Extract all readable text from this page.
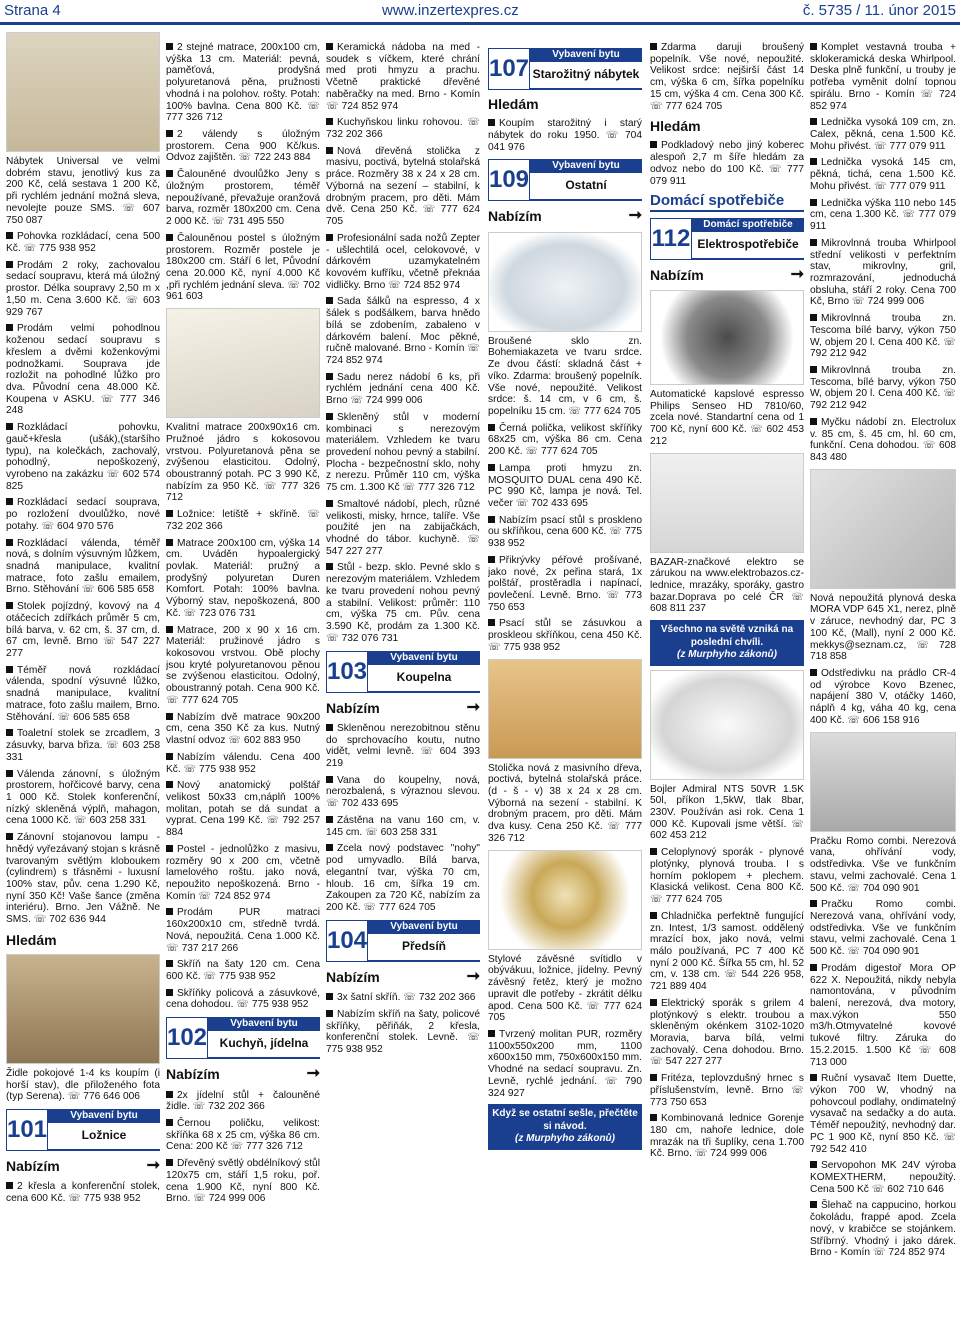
Strana 4	www.inzertexpres.cz	č. 5735 / 11. únor 2015
Nábytek Universal ve velmi dobrém stavu, jenotlivý kus za 200 Kč, celá sestava 1 200 Kč, při rychlém jednání možná sleva, nevolejte pouze SMS. ☏ 607 750 087
Pohovka rozkládací, cena 500 Kč. ☏ 775 938 952
Prodám 2 roky, zachovalou sedací soupravu, která má úložný prostor. Délka soupravy 2,50 m x 1,50 m. Cena 3.600 Kč. ☏ 603 929 767
Prodám velmi pohodlnou koženou sedací soupravu s křeslem a dvěmi koženkovými podnožkami. Souprava jde rozložit na pohodlné lůžko pro dva. Původní cena 48.000 Kč. Koupena v ASKU. ☏ 777 346 248
Rozkládací pohovku, gauč+křesla (ušák),(staršího typu), na kolečkách, zachovalý, pohodlný, nepoškozený, vyrobeno na zakázku ☏ 602 574 825
Rozkládací sedací souprava, po rozložení dvoulůžko, nové potahy. ☏ 604 970 576
Rozkládací válenda, téměř nová, s dolním výsuvným lůžkem, snadná manipulace, kvalitní matrace, foto zašlu emailem, Brno. Stěhování ☏ 606 585 658
Stolek pojízdný, kovový na 4 otáčecích zdířkách průměr 5 cm, bílá barva, v. 62 cm, š. 37 cm, d. 67 cm, levně. Brno ☏ 547 227 277
Téměř nová rozkládací válenda, spodní výsuvné lůžko, snadná manipulace, kvalitní matrace, foto zašlu mailem, Brno. Stěhování. ☏ 606 585 658
Toaletní stolek se zrcadlem, 3 zásuvky, barva břiza. ☏ 603 258 331
Válenda zánovní, s úložným prostorem, hořčicové barvy, cena 1 000 Kč. Stolek konferenční, nízký skleněná výplň, mahagon, cena 1000 Kč. ☏ 603 258 331
Zánovní stojanovou lampu - hnědý vyřezávaný stojan s krásně tvarovaným světlým kloboukem (cylindrem) s třásněmi - luxusní 100% stav, pův. cena 1.290 Kč, nyní 350 Kč! Vaše šance (změna interiéru). Brno. Jen Vážně. Ne SMS. ☏ 702 636 944
Hledám
Židle pokojové 1-4 ks koupím (i horší stav), dle přiloženého fota (typ Serena). ☏ 776 646 006
101
Vybavení bytu
Ložnice
Nabízím	➞
2 křesla a konferenční stolek, cena 600 Kč. ☏ 775 938 952
2 stejné matrace, 200x100 cm, výška 13 cm. Materiál: pevná, paměťová, prodyšná polyuretanová pěna, pružnosti vhodná i na polohov. rošty. Potah: 100% bavlna. Cena 800 Kč. ☏ 777 326 712
2 válendy s úložným prostorem. Cena 900 Kč/kus. Odvoz zajištěn. ☏ 722 243 884
Čalouněné dvoulůžko Jeny s úložným prostorem, téměř nepoužívané, převažuje oranžová barva, rozměr 180x200 cm. Cena 2 000 Kč. ☏ 731 495 550
Čalouněnou postel s úložným prostorem. Rozměr postele je 180x200 cm. Stáří 6 let, Původní cena 20.000 Kč, nyní 4.000 Kč ,při rychlém jednání sleva. ☏ 702 961 603
Kvalitní matrace 200x90x16 cm. Pružnoé jádro s kokosovou vrstvou. Polyuretanová pěna se zvýšenou elasticitou. Odolný, oboustranný potah. PC 3 990 Kč, nabízím za 950 Kč. ☏ 777 326 712
Ložnice: letiště + skříně. ☏ 732 202 366
Matrace 200x100 cm, výška 14 cm. Uváděn hypoalergický povlak. Materiál: pružný a prodyšný polyuretan Duren Komfort. Potah: 100% bavlna. Výborný stav, nepoškozená, 800 Kč. ☏ 723 076 731
Matrace, 200 x 90 x 16 cm. Materiál: pružinové jádro s kokosovou vrstvou. Obě plochy jsou kryté polyuretanovou pěnou se zvýšenou elasticitou. Odolný, oboustranný potah. Cena 900 Kč. ☏ 777 624 705
Nabízím dvě matrace 90x200 cm, cena 350 Kč za kus. Nutný vlastní odvoz ☏ 602 883 950
Nabízím válendu. Cena 400 Kč. ☏ 775 938 952
Nový anatomický polštář velikost 50x33 cm,náplň 100% molitan, potah se dá sundat a vyprat. Cena 199 Kč. ☏ 792 257 884
Postel - jednolůžko z masivu, rozměry 90 x 200 cm, včetně lamelového roštu. jako nová, nepoužito nepoškozená. Brno - Komín ☏ 724 852 974
Prodám PUR matraci 160x200x10 cm, středně tvrdá. Nová, nepoužitá. Cena 1.000 Kč. ☏ 737 217 266
Skříň na šaty 120 cm. Cena 600 Kč. ☏ 775 938 952
Skříňky policová a zásuvkové, cena dohodou. ☏ 775 938 952
102
Vybavení bytu
Kuchyň, jídelna
Nabízím	➞
2x jídelní stůl + čalouněné židle. ☏ 732 202 366
Černou poličku, velikost: skříňka 68 x 25 cm, výška 86 cm. Cena: 200 Kč ☏ 777 326 712
Dřevěný světlý obdélníkový stůl 120x75 cm, stáří 1,5 roku, poř. cena 1.900 Kč, nyní 800 Kč. Brno. ☏ 724 999 006
Keramická nádoba na med - soudek s víčkem, které chrání med proti hmyzu a prachu. Včetně praktické dřevěné naběračky na med. Brno - Komín ☏ 724 852 974
Kuchyňskou linku rohovou. ☏ 732 202 366
Nová dřevěná stolička z masivu, poctivá, bytelná stolařská práce. Rozměry 38 x 24 x 28 cm. Výborná na sezení – stabilní, k drobným pracem, pro děti. Mám dvě. Cena 250 Kč. ☏ 777 624 705
Profesionální sada nožů Zepter - ušlechtilá ocel, celokovové, v dárkovém uzamykatelném kovovém kufříku, včetně překnáa vidličky. Brno ☏ 724 852 974
Sada šálků na espresso, 4 x šálek s podšálkem, barva hnědo bílá se zdobením, zabaleno v dárkovém balení. Moc pěkné, ručně malované. Brno - Komín ☏ 724 852 974
Sadu nerez nádobí 6 ks, při rychlém jednání cena 400 Kč. Brno ☏ 724 999 006
Skleněný stůl v moderní kombinaci s nerezovým materiálem. Vzhledem ke tvaru provedení nohou pevný a stabilní. Plocha - bezpečnostní sklo, nohy z nerezu. Průměr 110 cm, výška 75 cm. 1.300 Kč ☏ 777 326 712
Smaltové nádobí, plech, různé velikosti, misky, hrnce, talíře. Vše použité jen na zabijačkách, vhodné do tábor. kuchyně. ☏ 547 227 277
Stůl - bezp. sklo. Pevné sklo s nerezovým materiálem. Vzhledem ke tvaru provedení nohou pevný a stabilní. Velikost: průměr: 110 cm, výška 75 cm. Pův. cena 3.590 Kč, prodám za 1.300 Kč. ☏ 732 076 731
103
Vybavení bytu
Koupelna
Nabízím	➞
Skleněnou nerezobitnou stěnu do sprchovacího koutu, nutno vidět, velmi levně. ☏ 604 393 219
Vana do koupelny, nová, nerozbalená, s výraznou slevou. ☏ 702 433 695
Zástěna na vanu 160 cm, v. 145 cm. ☏ 603 258 331
Zcela nový podstavec "nohy" pod umyvadlo. Bílá barva, elegantní tvar, výška 70 cm, hloub. 16 cm, šířka 19 cm. Zakoupen za 720 Kč, nabízím za 200 Kč. ☏ 777 624 705
104
Vybavení bytu
Předsíň
Nabízím	➞
3x šatní skříň. ☏ 732 202 366
Nabízím skříň na šaty, policové skříňky, pěřiňák, 2 křesla, konferenční stolek. Levně. ☏ 775 938 952
107
Vybavení bytu
Starožitný nábytek
Hledám
Koupím starožitný i starý nábytek do roku 1950. ☏ 704 041 976
109
Vybavení bytu
Ostatní
Nabízím	➞
Broušené sklo zn. Bohemiakazeta ve tvaru srdce. Ze dvou částí: skladná část + víko. Zdarma: broušený popelník. Vše nové, nepoužité. Velikost srdce: š. 14 cm, v 6 cm, š. popelníku 15 cm. ☏ 777 624 705
Černá polička, velikost skříňky 68x25 cm, výška 86 cm. Cena 200 Kč. ☏ 777 624 705
Lampa proti hmyzu zn. MOSQUITO DUAL cena 490 Kč. PC 990 Kč, lampa je nová. Tel. večer ☏ 702 433 695
Nabízím psací stůl s proskleno ou skříňkou, cena 600 Kč. ☏ 775 938 952
Přikrývky péřové prošívané, jako nové, 2x peřina stará, 1x polštář, prostěradla i napínací, povlečení. Levně. Brno. ☏ 773 750 653
Psací stůl se zásuvkou a proskleou skříňkou, cena 450 Kč. ☏ 775 938 952
Stolička nová z masivního dřeva, poctivá, bytelná stolařská práce. (d - š - v) 38 x 24 x 28 cm. Výborná na sezení - stabilní. K drobným pracem, pro děti. Mám dva kusy. Cena 250 Kč. ☏ 777 326 712
Stylové závěsné svítidlo v obývákuu, ložnice, jídelny. Pevný závěsný řetěz, který je možno upravit dle potřeby - zkrátit délku apod. Cena 500 Kč. ☏ 777 624 705
Tvrzený molitan PUR, rozměry 1100x550x200 mm, 1100 x600x150 mm, 750x600x150 mm. Vhodné na sedací soupravu. Zn. Levně, rychlé jednání. ☏ 790 324 927
Když se ostatní sešle, přečtěte si návod.
(z Murphyho zákonů)
Zdarma daruji broušený popelník. Vše nové, nepoužité. Velikost srdce: nejširší část 14 cm, výška 6 cm, šířka popelníku 15 cm, výška 4 cm. Cena 300 Kč. ☏ 777 624 705
Hledám
Podkladový nebo jiný koberec alespoň 2,7 m šíře hledám za odvoz nebo do 100 Kč. ☏ 777 079 911
Domácí spotřebiče
112
Domácí spotřebiče
Elektrospotřebiče
Nabízím	➞
Automatické kapslové espresso Philips Senseo HD 7810/60, zcela nové. Standartní cena od 1 700 Kč, nyní 600 Kč. ☏ 602 453 212
BAZAR-značkové elektro se zárukou na www.elektrobazos.cz-lednice, mrazáky, sporáky, gastro bazar.Doprava po celé ČR ☏ 608 811 237
Všechno na světě vzniká na poslední chvíli.
(z Murphyho zákonů)
Bojler Admiral NTS 50VR 1.5K 50l, příkon 1,5kW, tlak 8bar, 230V. Používán asi rok. Cena 1 000 Kč. Kupovali jsme větší. ☏ 602 453 212
Celoplynový sporák - plynové plotýnky, plynová trouba. I s horním poklopem + plechem. Klasická velikost. Cena 800 Kč. ☏ 777 624 705
Chladnička perfektně fungující zn. Intest, 1/3 samost. oddělený mrazící box, jako nová, velmi málo používaná, PC 7 400 Kč nyní 2 000 Kč. Šířka 55 cm, hl. 52 cm, v. 138 cm. ☏ 544 226 958, 721 889 404
Elektrický sporák s grilem 4 plotýnkový s elektr. troubou a skleněným okénkem 3102-1020 Moravia, barva bílá, velmi zachovalý. Cena dohodou. Brno. ☏ 547 227 277
Fritéza, teplovzdušný hrnec s příslušenstvím, levně. Brno ☏ 773 750 653
Kombinovaná lednice Gorenje 180 cm, nahoře lednice, dole mrazák na tři šuplíky, cena 1.700 Kč. Brno. ☏ 724 999 006
Komplet vestavná trouba + sklokeramická deska Whirlpool. Deska plně funkční, u trouby je potřeba vyměnit dolní topnou spirálu. Brno - Komín ☏ 724 852 974
Lednička vysoká 109 cm, zn. Calex, pěkná, cena 1.500 Kč. Mohu přivést. ☏ 777 079 911
Lednička vysoká 145 cm, pěkná, tichá, cena 1.500 Kč. Mohu přivést. ☏ 777 079 911
Lednička výška 110 nebo 145 cm, cena 1.300 Kč. ☏ 777 079 911
Mikrovlnná trouba Whirlpool střední velikosti v perfektním stav, mikrovlny, gril, rozmrazování, jednoduchá obsluha, stáří 2 roky. Cena 700 Kč, Brno ☏ 724 999 006
Mikrovlnná trouba zn. Tescoma bílé barvy, výkon 750 W, objem 20 l. Cena 400 Kč. ☏ 792 212 942
Mikrovlnná trouba zn. Tescoma, bílé barvy, výkon 750 W, objem 20 l. Cena 400 Kč. ☏ 792 212 942
Myčku nádobí zn. Electrolux v. 85 cm, š. 45 cm, hl. 60 cm, funkční. Cena dohodou. ☏ 608 843 480
Nová nepoužitá plynová deska MORA VDP 645 X1, nerez, plně v záruce, nevhodný dar, PC 3 100 Kč, (Mall), nyní 2 000 Kč. mekkys@seznam.cz, ☏ 728 718 858
Odstředivku na prádlo CR-4 od výrobce Kovo Bzenec, napájení 380 V, otáčky 1460, náplň 4 kg, váha 40 kg, cena 400 Kč. ☏ 606 158 916
Pračku Romo combi. Nerezová vana, ohřívání vody, odstředivka. Vše ve funkčním stavu, velmi zachovalé. Cena 1 500 Kč. ☏ 704 090 901
Pračku Romo combi. Nerezová vana, ohřívání vody, odstředivka. Vše ve funkčním stavu, velmi zachovalé. Cena 1 500 Kč. ☏ 704 090 901
Prodám digestoř Mora OP 622 X. Nepoužitá, nikdy nebyla namontována, v původním balení, nerezová, dva motory, max.výkon 550 m3/h.Otmyvatelné kovové tukové filtry. Záruka do 15.2.2015. 1.500 Kč ☏ 608 713 000
Ruční vysavač Item Duette, výkon 700 W, vhodný na pohovcoul podlahy, ondimatelný vysavač na sedačky a do auta. Téměř nepoužitý, nevhodný dar. PC 1 900 Kč, nyní 850 Kč. ☏ 792 542 410
Servopohon MK 24V výroba KOMEXTHERM, nepoužitý. Cena 500 Kč ☏ 602 710 646
Šlehač na cappucino, horkou čokoládu, frappé apod. Zcela nový, v krabičce se stojánkem. Stříbrný. Vhodný i jako dárek. Brno - Komín ☏ 724 852 974
